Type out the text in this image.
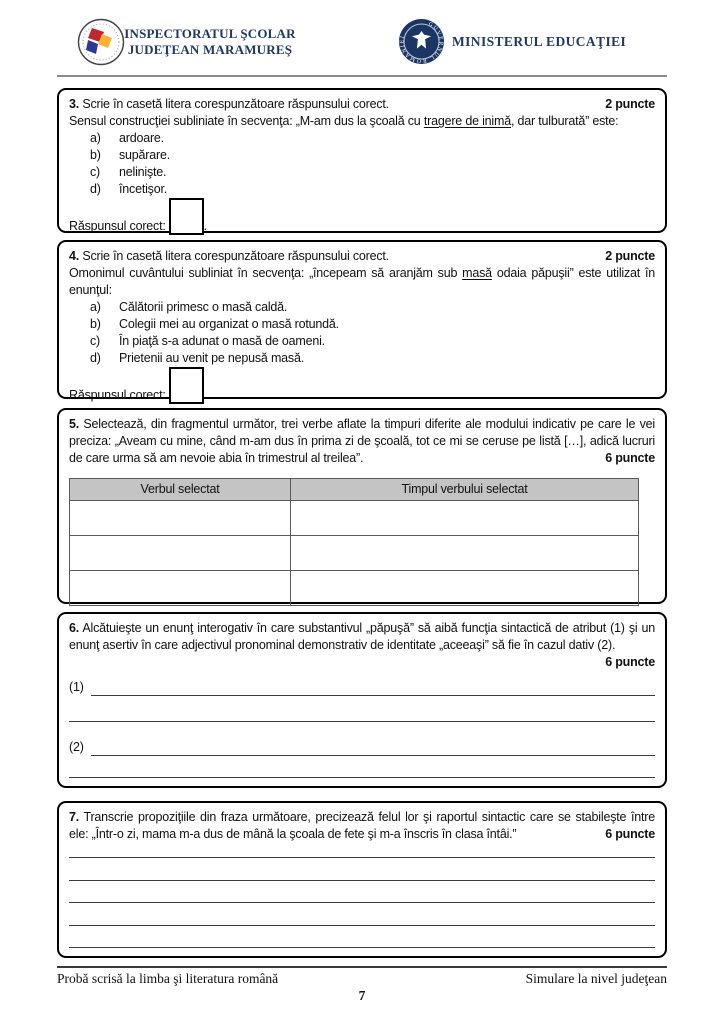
INSPECTORATUL ŞCOLAR
JUDEŢEAN MARAMUREŞ
GUVERNUL ROMÂNIEI	MINISTERUL EDUCAŢIEI
3. Scrie în casetă litera corespunzătoare răspunsului corect.	2 puncte

Sensul construcţiei subliniate în secvenţa: „M-am dus la şcoală cu tragere de inimă, dar tulburată” este:

a) ardoare.
b) supărare.
c) nelinişte.
d) încetişor.
Răspunsul corect:	.
4. Scrie în casetă litera corespunzătoare răspunsului corect.	2 puncte

Omonimul cuvântului subliniat în secvenţa: „începeam să aranjăm sub masă odaia păpuşii” este utilizat în enunţul:

a) Călătorii primesc o masă caldă.
b) Colegii mei au organizat o masă rotundă.
c) În piaţă s-a adunat o masă de oameni.
d) Prietenii au venit pe nepusă masă.
Răspunsul corect:	.

5. Selectează, din fragmentul următor, trei verbe aflate la timpuri diferite ale modului indicativ pe care le vei preciza: „Aveam cu mine, când m-am dus în prima zi de şcoală, tot ce mi se ceruse pe listă […], adică lucruri de care urma să am nevoie abia în trimestrul al treilea”.	6 puncte

Verbul selectat	Timpul verbului selectat

6. Alcătuieşte un enunţ interogativ în care substantivul „păpuşă” să aibă funcţia sintactică de atribut (1) şi un enunţ asertiv în care adjectivul pronominal demonstrativ de identitate „aceeaşi” să fie în cazul dativ (2).

6 puncte
(1)
(2)

7. Transcrie propoziţiile din fraza următoare, precizează felul lor şi raportul sintactic care se stabileşte între ele: „Într-o zi, mama m-a dus de mână la şcoala de fete şi m-a înscris în clasa întâi.”	6 puncte

Probă scrisă la limba şi literatura română	Simulare la nivel judeţean
7
